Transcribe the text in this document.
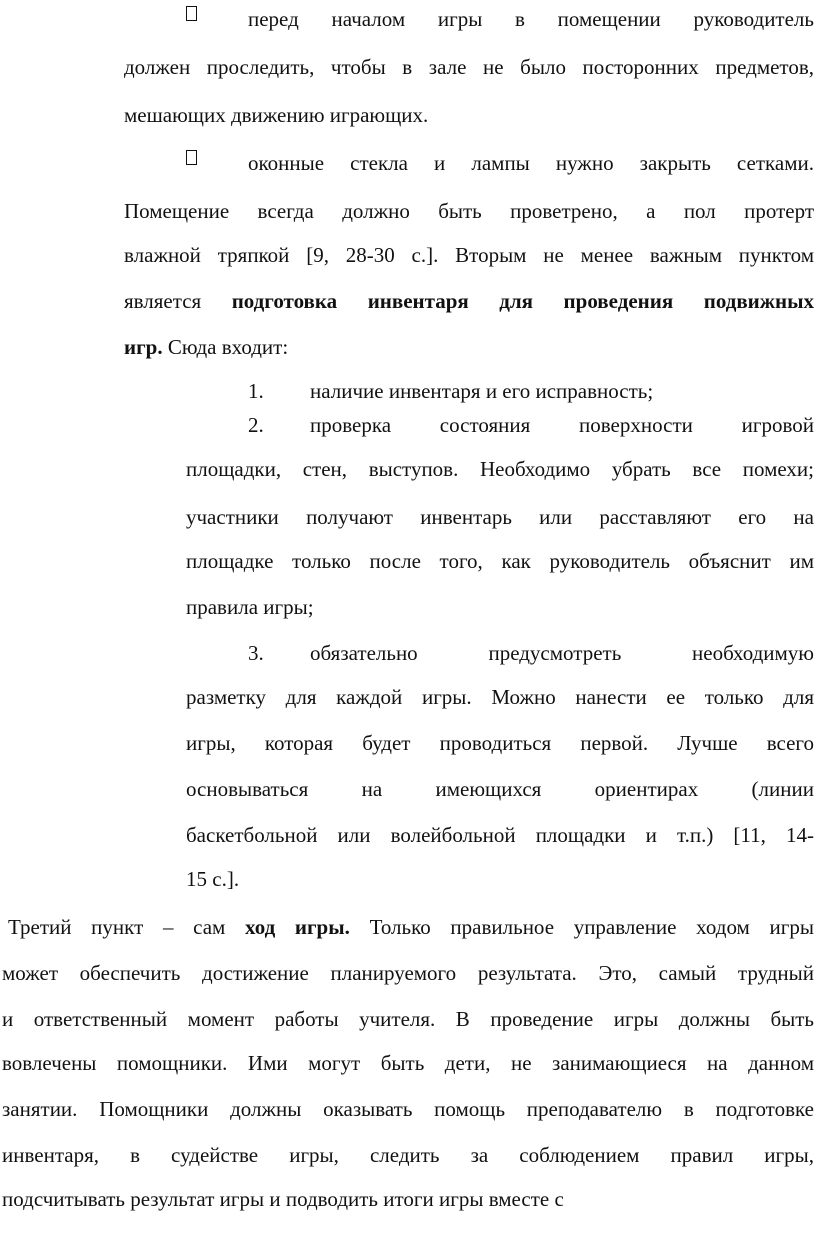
перед началом игры в помещении руководитель
должен проследить, чтобы в зале не было посторонних предметов,
мешающих движению играющих.
оконные стекла и лампы нужно закрыть сетками.
Помещение всегда должно быть проветрено, а пол протерт
влажной тряпкой [9, 28-30 с.]. Вторым не менее важным пунктом
является подготовка инвентаря для проведения подвижных
игр. Сюда входит:
1. наличие инвентаря и его исправность;
2. проверка состояния поверхности игровой
площадки, стен, выступов. Необходимо убрать все помехи;
участники получают инвентарь или расставляют его на
площадке только после того, как руководитель объяснит им
правила игры;
3. обязательно предусмотреть необходимую
разметку для каждой игры. Можно нанести ее только для
игры, которая будет проводиться первой. Лучше всего
основываться на имеющихся ориентирах (линии
баскетбольной или волейбольной площадки и т.п.) [11, 14-
15 с.].
Третий пункт – сам ход игры. Только правильное управление ходом игры
может обеспечить достижение планируемого результата. Это, самый трудный
и ответственный момент работы учителя. В проведение игры должны быть
вовлечены помощники. Ими могут быть дети, не занимающиеся на данном
занятии. Помощники должны оказывать помощь преподавателю в подготовке
инвентаря, в судействе игры, следить за соблюдением правил игры,
подсчитывать результат игры и подводить итоги игры вместе с
